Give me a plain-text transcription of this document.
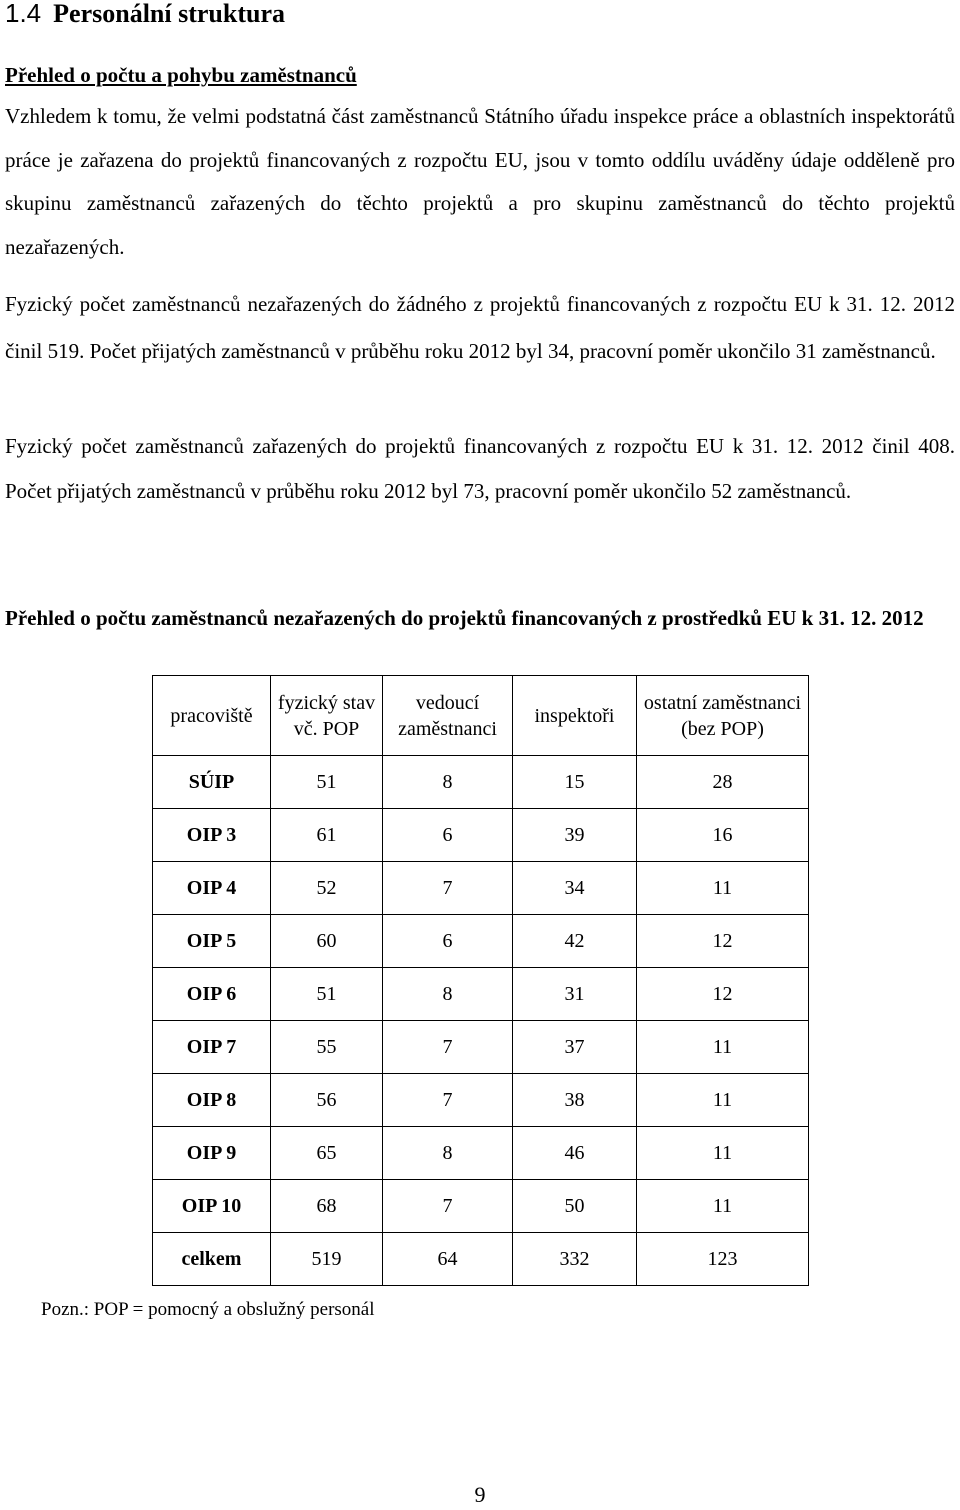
1.4 Personální struktura
Přehled o počtu a pohybu zaměstnanců

Vzhledem k tomu, že velmi podstatná část zaměstnanců Státního úřadu inspekce práce a oblastních inspektorátů práce je zařazena do projektů financovaných z rozpočtu EU, jsou v tomto oddílu uváděny údaje odděleně pro skupinu zaměstnanců zařazených do těchto projektů a pro skupinu zaměstnanců do těchto projektů nezařazených.

Fyzický počet zaměstnanců nezařazených do žádného z projektů financovaných z rozpočtu EU k 31. 12. 2012 činil 519. Počet přijatých zaměstnanců v průběhu roku 2012 byl 34, pracovní poměr ukončilo 31 zaměstnanců.

Fyzický počet zaměstnanců zařazených do projektů financovaných z rozpočtu EU k 31. 12. 2012 činil 408. Počet přijatých zaměstnanců v průběhu roku 2012 byl 73, pracovní poměr ukončilo 52 zaměstnanců.

Přehled o počtu zaměstnanců nezařazených do projektů financovaných z prostředků EU k 31. 12. 2012

pracoviště	fyzický stav vč. POP	vedoucí zaměstnanci	inspektoři	ostatní zaměstnanci (bez POP)
SÚIP	51	8	15	28
OIP 3	61	6	39	16
OIP 4	52	7	34	11
OIP 5	60	6	42	12
OIP 6	51	8	31	12
OIP 7	55	7	37	11
OIP 8	56	7	38	11
OIP 9	65	8	46	11
OIP 10	68	7	50	11
celkem	519	64	332	123

Pozn.: POP = pomocný a obslužný personál

9
